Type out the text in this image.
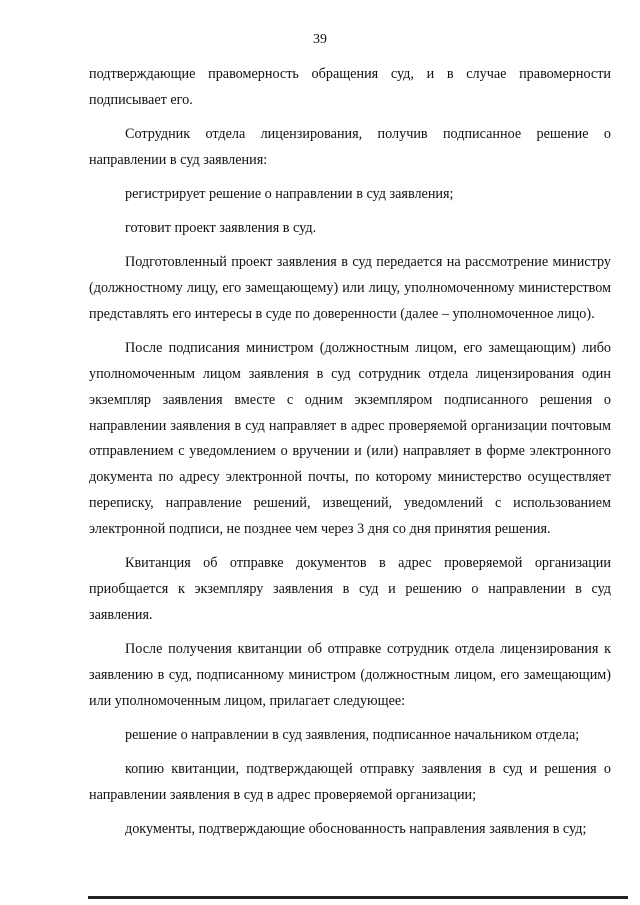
39

подтверждающие правомерность обращения суд, и в случае правомерности подписывает его.

Сотрудник отдела лицензирования, получив подписанное решение о направлении в суд заявления:

регистрирует решение о направлении в суд заявления;

готовит проект заявления в суд.

Подготовленный проект заявления в суд передается на рассмотрение министру (должностному лицу, его замещающему) или лицу, уполномоченному министерством представлять его интересы в суде по доверенности (далее – уполномоченное лицо).

После подписания министром (должностным лицом, его замещающим) либо уполномоченным лицом заявления в суд сотрудник отдела лицензирования один экземпляр заявления вместе с одним экземпляром подписанного решения о направлении заявления в суд направляет в адрес проверяемой организации почтовым отправлением с уведомлением о вручении и (или) направляет в форме электронного документа по адресу электронной почты, по которому министерство осуществляет переписку, направление решений, извещений, уведомлений с использованием электронной подписи, не позднее чем через 3 дня со дня принятия решения.

Квитанция об отправке документов в адрес проверяемой организации приобщается к экземпляру заявления в суд и решению о направлении в суд заявления.

После получения квитанции об отправке сотрудник отдела лицензирования к заявлению в суд, подписанному министром (должностным лицом, его замещающим) или уполномоченным лицом, прилагает следующее:

решение о направлении в суд заявления, подписанное начальником отдела;

копию квитанции, подтверждающей отправку заявления в суд и решения о направлении заявления в суд в адрес проверяемой организации;

документы, подтверждающие обоснованность направления заявления в суд;
